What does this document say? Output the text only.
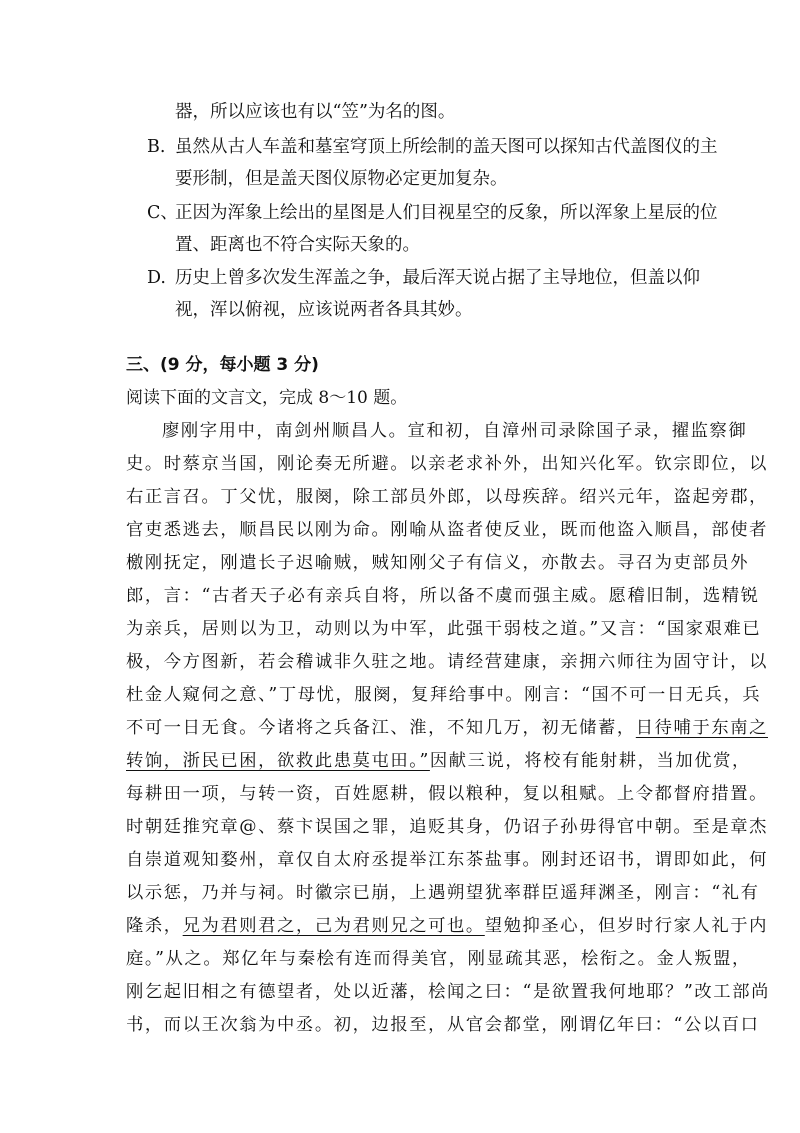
器，所以应该也有以“笠”为名的图。
B. 虽然从古人车盖和墓室穹顶上所绘制的盖天图可以探知古代盖图仪的主
要形制，但是盖天图仪原物必定更加复杂。
C、
正因为浑象上绘出的星图是人们目视星空的反象，所以浑象上星辰的位
置、距离也不符合实际天象的。
D. 历史上曾多次发生浑盖之争，最后浑天说占据了主导地位，但盖以仰
视，浑以俯视，应该说两者各具其妙。
三、(9 分，每小题 3 分)
阅读下面的文言文，完成 8～10 题。
廖刚字用中，南剑州顺昌人。宣和初，自漳州司录除国子录，擢监察御
史。时蔡京当国，刚论奏无所避。以亲老求补外，出知兴化军。钦宗即位，以
右正言召。丁父忧，服阕，除工部员外郎，以母疾辞。绍兴元年，盗起旁郡，
官吏悉逃去，顺昌民以刚为命。刚喻从盗者使反业，既而他盗入顺昌，部使者
檄刚抚定，刚遣长子迟喻贼，贼知刚父子有信义，亦散去。寻召为吏部员外
郎，言：“古者天子必有亲兵自将，所以备不虞而强主威。愿稽旧制，选精锐
为亲兵，居则以为卫，动则以为中军，此强干弱枝之道。”又言：“国家艰难已
极，今方图新，若会稽诚非久驻之地。请经营建康，亲拥六师往为固守计，以
杜金人窥伺之意、”丁母忧，服阕，复拜给事中。刚言：“国不可一日无兵，兵
不可一日无食。今诸将之兵备江、淮，不知几万，初无储蓄，日待哺于东南之
转饷，浙民已困，欲救此患莫屯田。”因献三说，将校有能射耕，当加优赏，
每耕田一项，与转一资，百姓愿耕，假以粮种，复以租赋。上令都督府措置。
时朝廷推究章@、蔡卞误国之罪，追贬其身，仍诏子孙毋得官中朝。至是章杰
自崇道观知婺州，章仅自太府丞提举江东茶盐事。刚封还诏书，谓即如此，何
以示惩，乃并与祠。时徽宗已崩，上遇朔望犹率群臣遥拜渊圣，刚言：“礼有
隆杀，兄为君则君之，己为君则兄之可也。望勉抑圣心，但岁时行家人礼于内
庭。”从之。郑亿年与秦桧有连而得美官，刚显疏其恶，桧衔之。金人叛盟，
刚乞起旧相之有德望者，处以近藩，桧闻之曰：“是欲置我何地耶？”改工部尚
书，而以王次翁为中丞。初，边报至，从官会都堂，刚谓亿年曰：“公以百口
